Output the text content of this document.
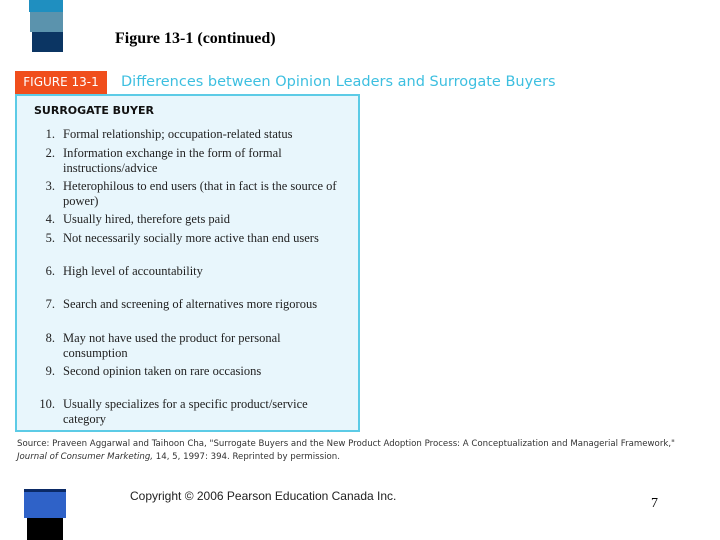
Figure 13-1 (continued)
FIGURE 13-1	Differences between Opinion Leaders and Surrogate Buyers
SURROGATE BUYER
1. Formal relationship; occupation-related status
2. Information exchange in the form of formal instructions/advice
3. Heterophilous to end users (that in fact is the source of power)
4. Usually hired, therefore gets paid
5. Not necessarily socially more active than end users
6. High level of accountability
7. Search and screening of alternatives more rigorous
8. May not have used the product for personal consumption
9. Second opinion taken on rare occasions
10. Usually specializes for a specific product/service category
Source: Praveen Aggarwal and Taihoon Cha, "Surrogate Buyers and the New Product Adoption Process: A Conceptualization and Managerial Framework," Journal of Consumer Marketing, 14, 5, 1997: 394. Reprinted by permission.
Copyright © 2006 Pearson Education Canada Inc.	7
